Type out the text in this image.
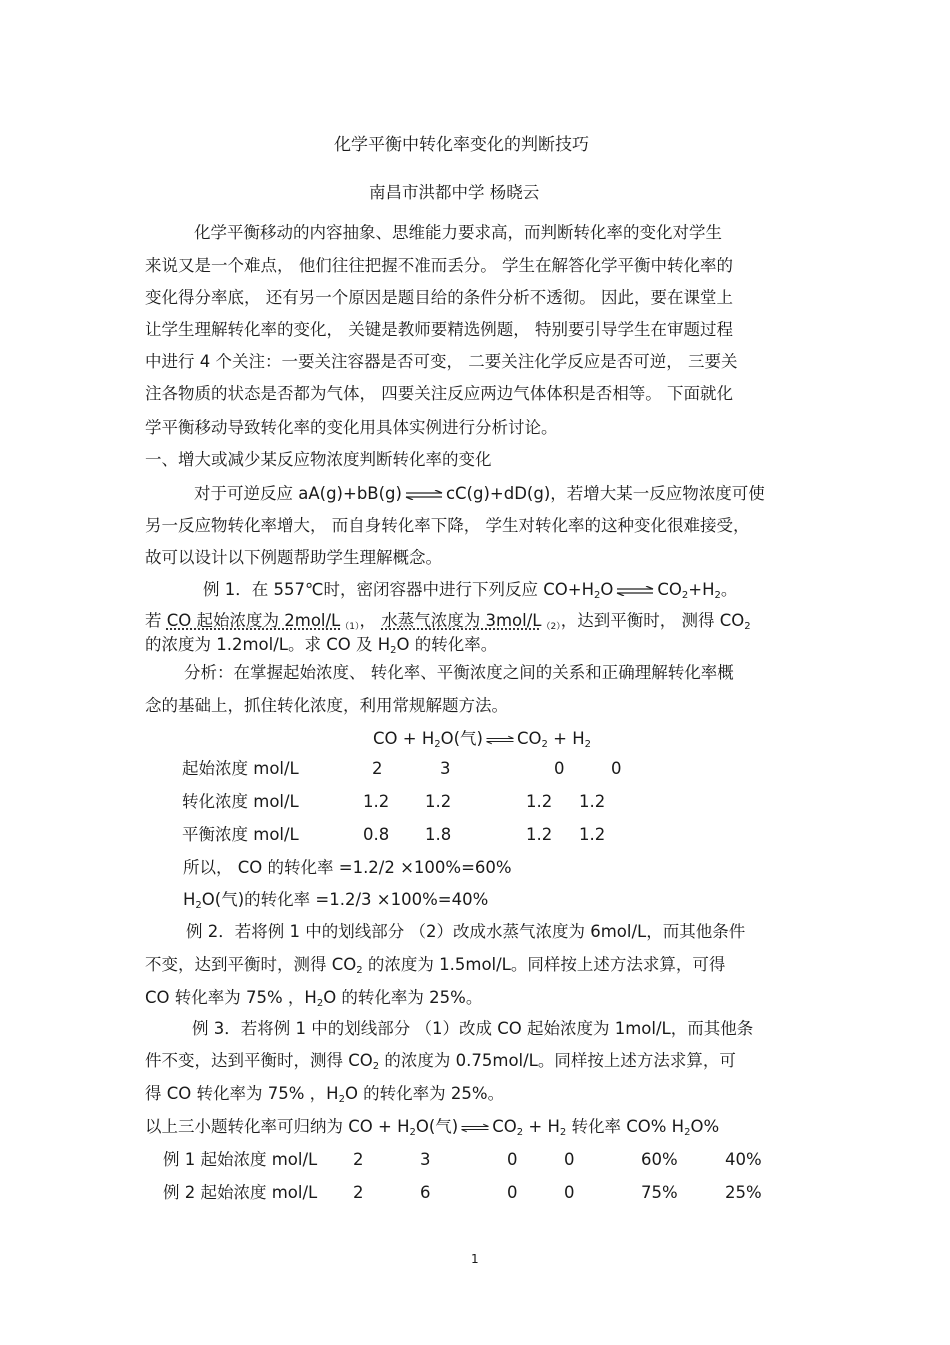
化学平衡中转化率变化的判断技巧
南昌市洪都中学 杨晓云
化学平衡移动的内容抽象、思维能力要求高，而判断转化率的变化对学生
来说又是一个难点， 他们往往把握不准而丢分。 学生在解答化学平衡中转化率的
变化得分率底， 还有另一个原因是题目给的条件分析不透彻。 因此，要在课堂上
让学生理解转化率的变化， 关键是教师要精选例题， 特别要引导学生在审题过程
中进行 4 个关注：一要关注容器是否可变， 二要关注化学反应是否可逆， 三要关
注各物质的状态是否都为气体， 四要关注反应两边气体体积是否相等。 下面就化
学平衡移动导致转化率的变化用具体实例进行分析讨论。
一、增大或减少某反应物浓度判断转化率的变化
对于可逆反应 aA(g)+bB(g) ⇌ cC(g)+dD(g)，若增大某一反应物浓度可使
另一反应物转化率增大， 而自身转化率下降， 学生对转化率的这种变化很难接受，
故可以设计以下例题帮助学生理解概念。
例 1．在 557℃时，密闭容器中进行下列反应 $CO+H_2O$ ⇌ $CO_2+H_2$。
若 CO 起始浓度为 $2mol/L_{(1)}$， 水蒸气浓度为 $3mol/L_{(2)}$，达到平衡时， 测得 $CO_2$
的浓度为 1.2mol/L。求 CO 及 $H_2O$ 的转化率。
分析：在掌握起始浓度、 转化率、平衡浓度之间的关系和正确理解转化率概
念的基础上，抓住转化浓度，利用常规解题方法。
CO + $H_2O$(气) ⇌ $CO_2 + H_2$
起始浓度 mol/L	2	3	0	0
转化浓度 mol/L	1.2 1.2	1.2 1.2
平衡浓度 mol/L	0.8 1.8	1.2 1.2
所以， CO 的转化率 =1.2/2 ×100%=60%
$H_2O$(气)的转化率 =1.2/3 ×100%=40%
例 2．若将例 1 中的划线部分 （2）改成水蒸气浓度为 6mol/L，而其他条件
不变，达到平衡时，测得 $CO_2$ 的浓度为 1.5mol/L。同样按上述方法求算，可得
CO 转化率为 75% ，$H_2O$ 的转化率为 25%。
例 3．若将例 1 中的划线部分 （1）改成 CO 起始浓度为 1mol/L，而其他条
件不变，达到平衡时，测得 $CO_2$ 的浓度为 0.75mol/L。同样按上述方法求算，可
得 CO 转化率为 75% ，$H_2O$ 的转化率为 25%。
以上三小题转化率可归纳为 CO + $H_2O$(气) ⇌ $CO_2 + H_2$ 转化率 CO% $H_2O\%$
例 1 起始浓度 mol/L 2	3	0	0	60%	40%
例 2 起始浓度 mol/L 2	6	0	0	75%	25%
1
